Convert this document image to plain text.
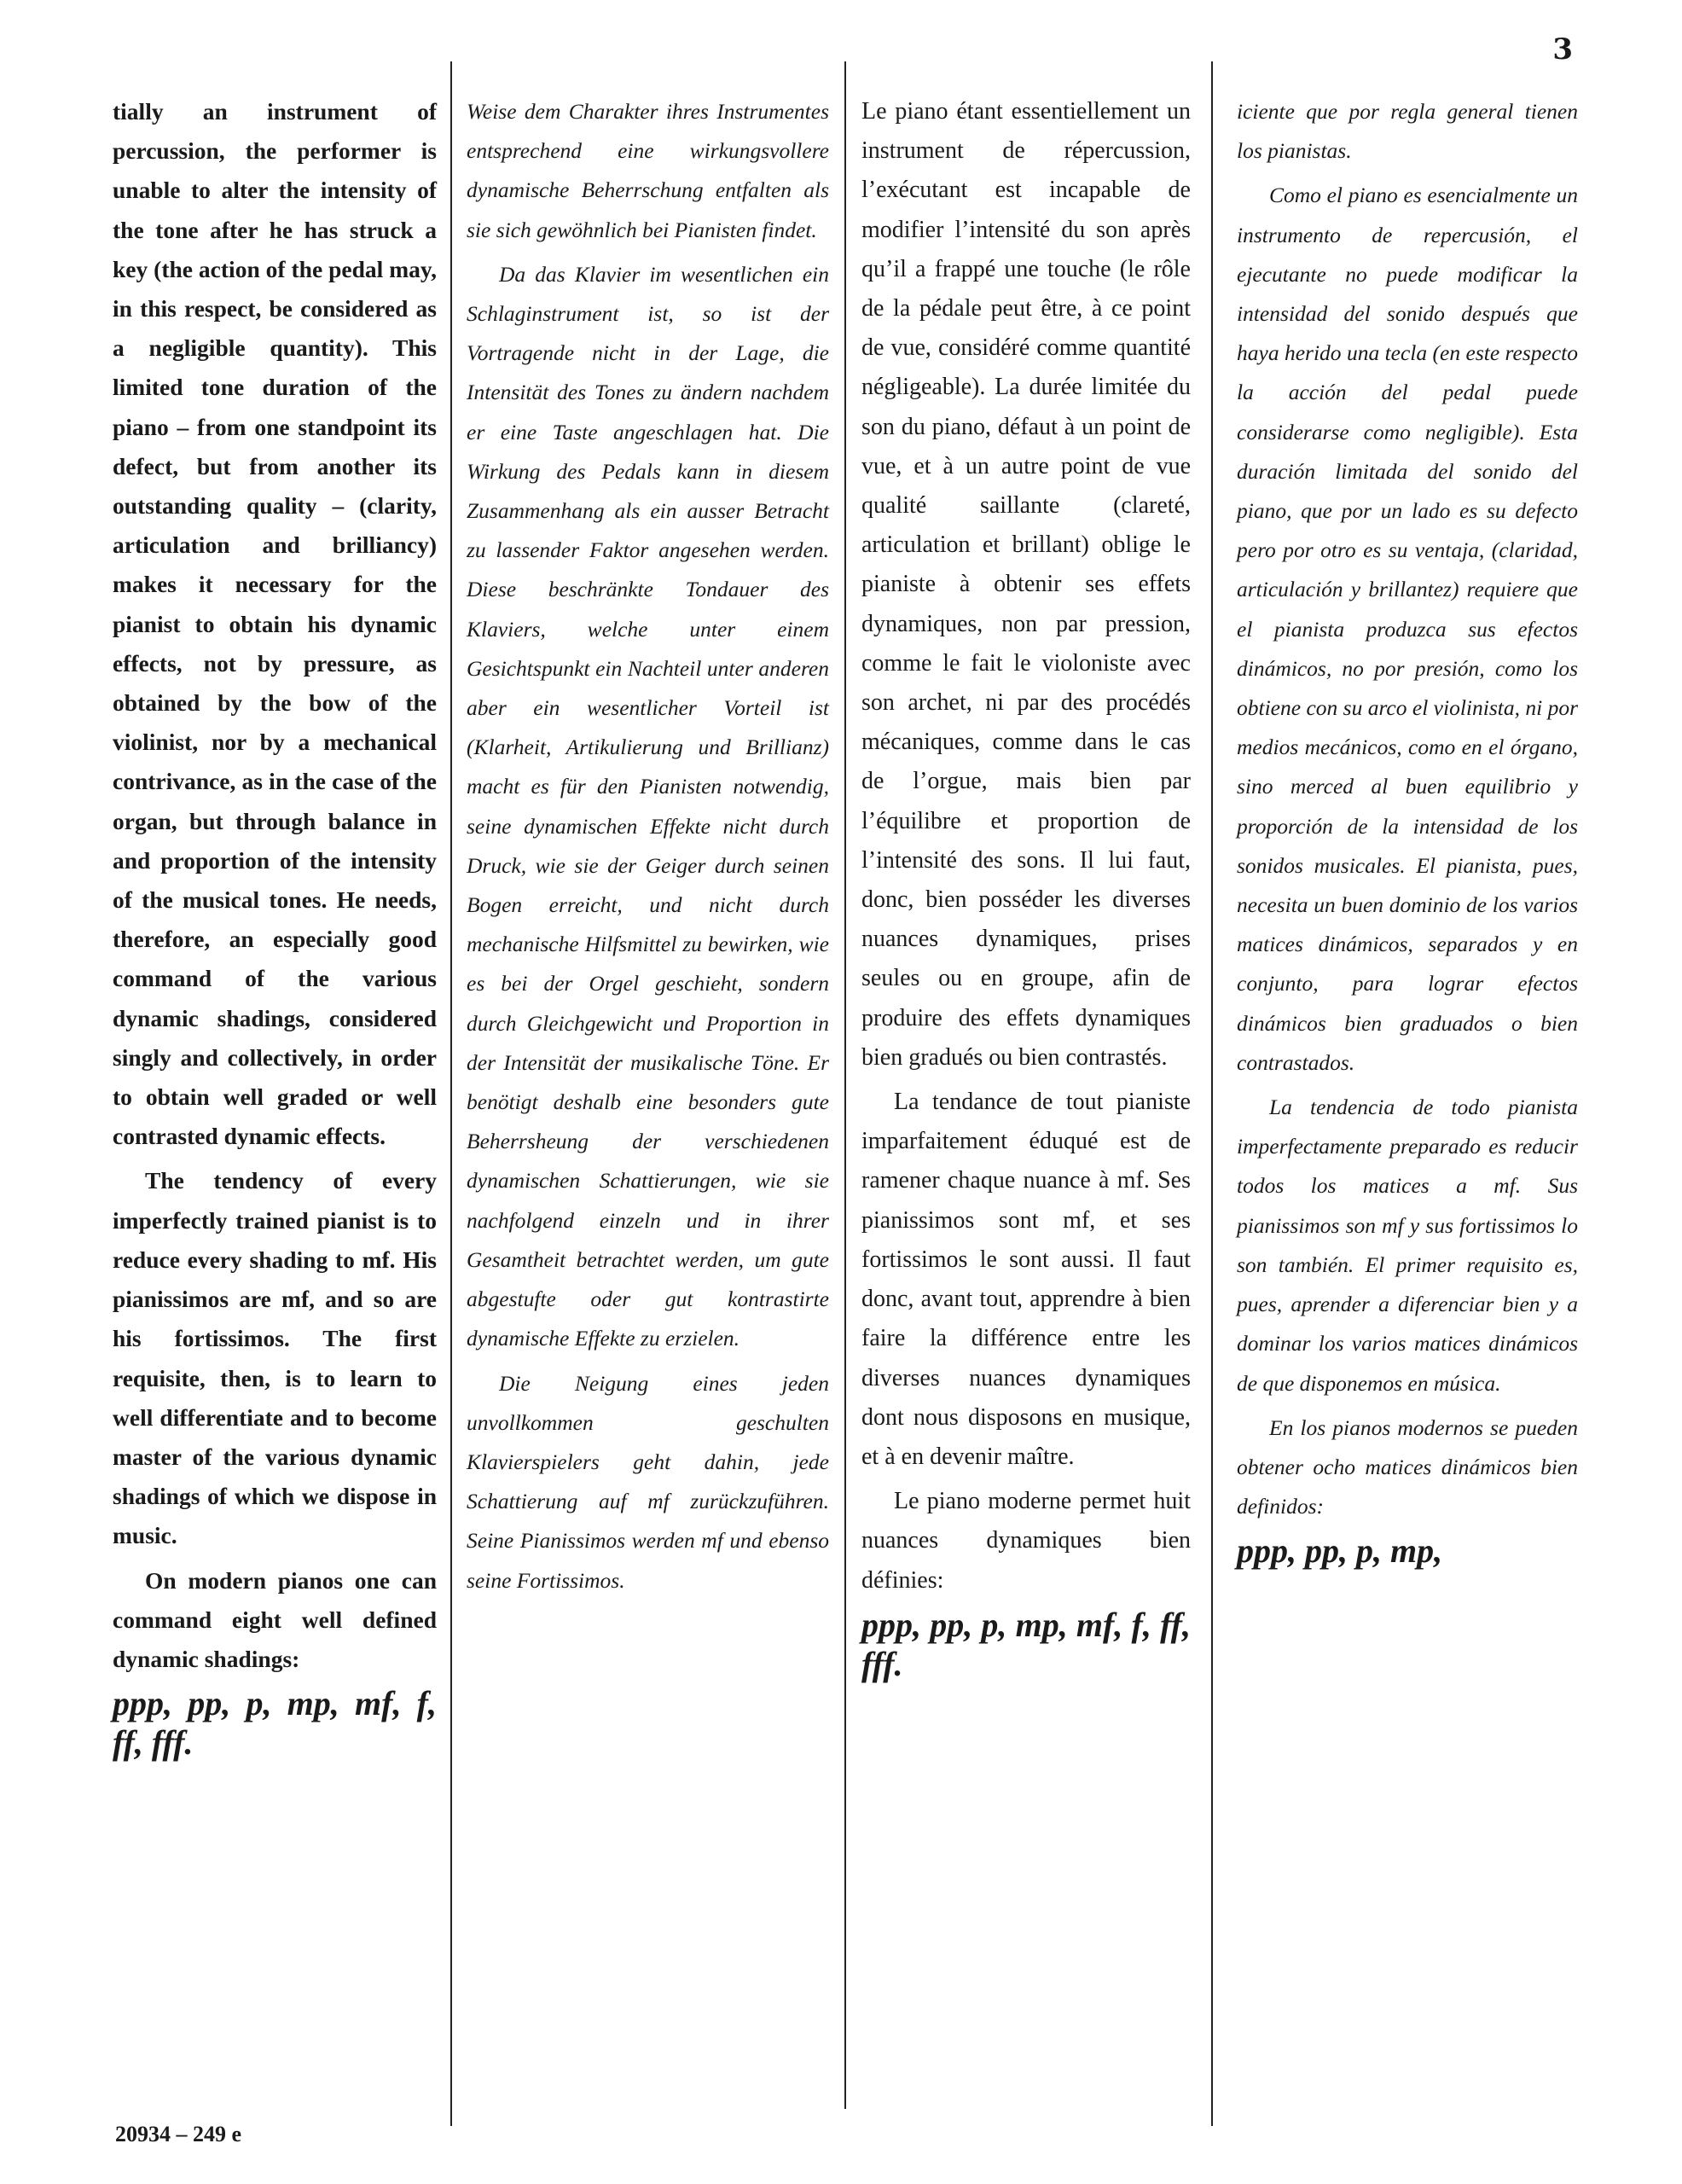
3

tially an instrument of percussion, the performer is unable to alter the intensity of the tone after he has struck a key (the action of the pedal may, in this respect, be considered as a negligible quantity). This limited tone duration of the piano – from one standpoint its defect, but from another its outstanding quality – (clarity, articulation and brilliancy) makes it necessary for the pianist to obtain his dynamic effects, not by pressure, as obtained by the bow of the violinist, nor by a mechanical contrivance, as in the case of the organ, but through balance in and proportion of the intensity of the musical tones. He needs, therefore, an especially good command of the various dynamic shadings, considered singly and collectively, in order to obtain well graded or well contrasted dynamic effects.

The tendency of every imperfectly trained pianist is to reduce every shading to mf. His pianissimos are mf, and so are his fortissimos. The first requisite, then, is to learn to well differentiate and to become master of the various dynamic shadings of which we dispose in music.

On modern pianos one can command eight well defined dynamic shadings:

ppp, pp, p, mp, mf, f, ff, fff.

Weise dem Charakter ihres Instrumentes entsprechend eine wirkungsvollere dynamische Beherrschung entfalten als sie sich gewöhnlich bei Pianisten findet.

Da das Klavier im wesentlichen ein Schlaginstrument ist, so ist der Vortragende nicht in der Lage, die Intensität des Tones zu ändern nachdem er eine Taste angeschlagen hat. Die Wirkung des Pedals kann in diesem Zusammenhang als ein ausser Betracht zu lassender Faktor angesehen werden. Diese beschränkte Tondauer des Klaviers, welche unter einem Gesichtspunkt ein Nachteil unter anderen aber ein wesentlicher Vorteil ist (Klarheit, Artikulierung und Brillianz) macht es für den Pianisten notwendig, seine dynamischen Effekte nicht durch Druck, wie sie der Geiger durch seinen Bogen erreicht, und nicht durch mechanische Hilfsmittel zu bewirken, wie es bei der Orgel geschieht, sondern durch Gleichgewicht und Proportion in der Intensität der musikalische Töne. Er benötigt deshalb eine besonders gute Beherrsheung der verschiedenen dynamischen Schattierungen, wie sie nachfolgend einzeln und in ihrer Gesamtheit betrachtet werden, um gute abgestufte oder gut kontrastirte dynamische Effekte zu erzielen.

Die Neigung eines jeden unvollkommen geschulten Klavierspielers geht dahin, jede Schattierung auf mf zurückzuführen. Seine Pianissimos werden mf und ebenso seine Fortissimos.

Le piano étant essentiellement un instrument de répercussion, l’exécutant est incapable de modifier l’intensité du son après qu’il a frappé une touche (le rôle de la pédale peut être, à ce point de vue, considéré comme quantité négligeable). La durée limitée du son du piano, défaut à un point de vue, et à un autre point de vue qualité saillante (clareté, articulation et brillant) oblige le pianiste à obtenir ses effets dynamiques, non par pression, comme le fait le violoniste avec son archet, ni par des procédés mécaniques, comme dans le cas de l’orgue, mais bien par l’équilibre et proportion de l’intensité des sons. Il lui faut, donc, bien posséder les diverses nuances dynamiques, prises seules ou en groupe, afin de produire des effets dynamiques bien gradués ou bien contrastés.

La tendance de tout pianiste imparfaitement éduqué est de ramener chaque nuance à mf. Ses pianissimos sont mf, et ses fortissimos le sont aussi. Il faut donc, avant tout, apprendre à bien faire la différence entre les diverses nuances dynamiques dont nous disposons en musique, et à en devenir maître.

Le piano moderne permet huit nuances dynamiques bien définies:

ppp, pp, p, mp, mf, f, ff, fff.

iciente que por regla general tienen los pianistas.

Como el piano es esencialmente un instrumento de repercusión, el ejecutante no puede modificar la intensidad del sonido después que haya herido una tecla (en este respecto la acción del pedal puede considerarse como negligible). Esta duración limitada del sonido del piano, que por un lado es su defecto pero por otro es su ventaja, (claridad, articulación y brillantez) requiere que el pianista produzca sus efectos dinámicos, no por presión, como los obtiene con su arco el violinista, ni por medios mecánicos, como en el órgano, sino merced al buen equilibrio y proporción de la intensidad de los sonidos musicales. El pianista, pues, necesita un buen dominio de los varios matices dinámicos, separados y en conjunto, para lograr efectos dinámicos bien graduados o bien contrastados.

La tendencia de todo pianista imperfectamente preparado es reducir todos los matices a mf. Sus pianissimos son mf y sus fortissimos lo son también. El primer requisito es, pues, aprender a diferenciar bien y a dominar los varios matices dinámicos de que disponemos en música.

En los pianos modernos se pueden obtener ocho matices dinámicos bien definidos:

ppp, pp, p, mp,

20934 – 249 e
